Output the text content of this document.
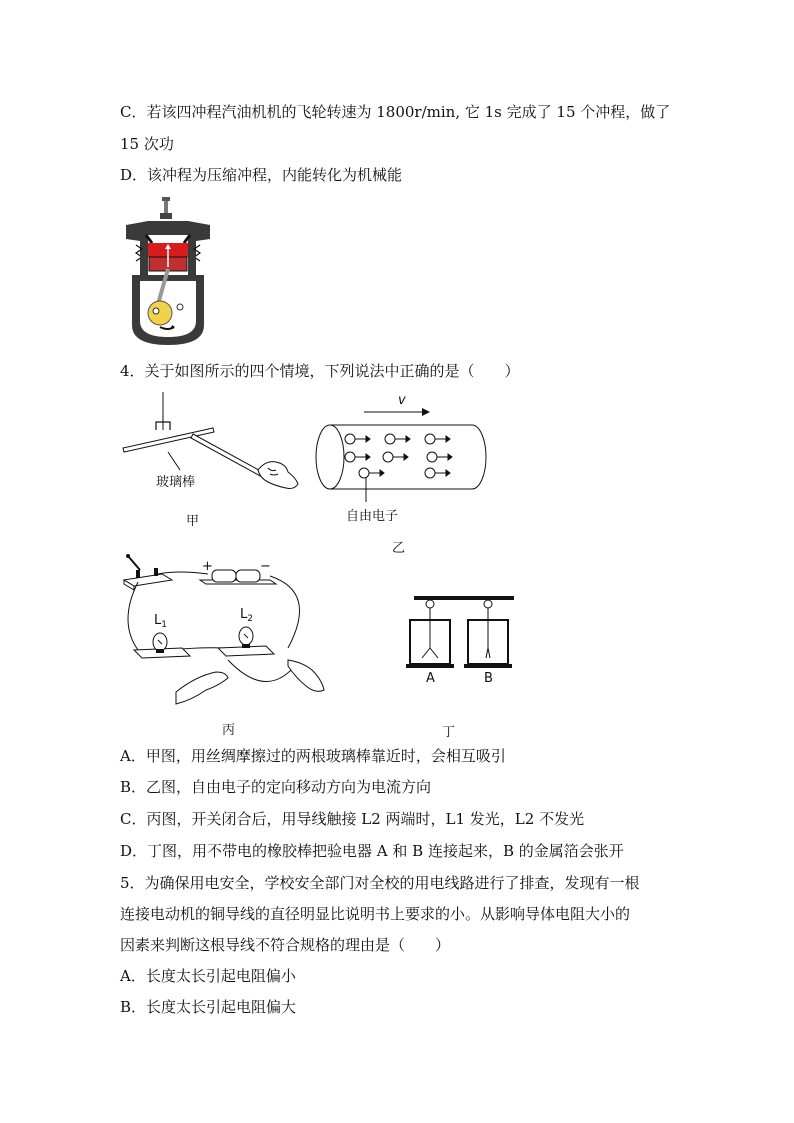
C．若该四冲程汽油机机的飞轮转速为 1800r/min, 它 1s 完成了 15 个冲程，做了
15 次功
D．该冲程为压缩冲程，内能转化为机械能
4．关于如图所示的四个情境，下列说法中正确的是（　　）
玻璃棒
甲
v
自由电子
乙
+	−
$L_1$
$L_2$
丙
A	B
丁
A．甲图，用丝绸摩擦过的两根玻璃棒靠近时，会相互吸引
B．乙图，自由电子的定向移动方向为电流方向
C．丙图，开关闭合后，用导线触接 L2 两端时，L1 发光，L2 不发光
D．丁图，用不带电的橡胶棒把验电器 A 和 B 连接起来，B 的金属箔会张开
5．为确保用电安全，学校安全部门对全校的用电线路进行了排查，发现有一根
连接电动机的铜导线的直径明显比说明书上要求的小。从影响导体电阻大小的
因素来判断这根导线不符合规格的理由是（　　）
A．长度太长引起电阻偏小
B．长度太长引起电阻偏大
